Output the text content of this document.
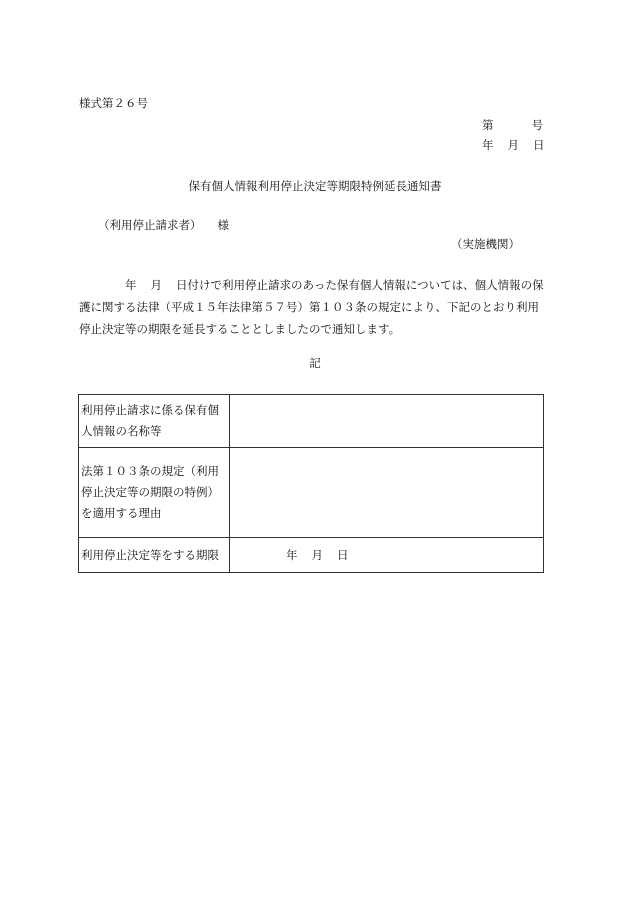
様式第２６号
第	号
年 月 日
保有個人情報利用停止決定等期限特例延長通知書
（利用停止請求者） 様
（実施機関）
年 月 日付けで利用停止請求のあった保有個人情報については、個人情報の保
護に関する法律（平成１５年法律第５７号）第１０３条の規定により、下記のとおり利用
停止決定等の期限を延長することとしましたので通知します。
記
利用停止請求に係る保有個人情報の名称等	
法第１０３条の規定（利用停止決定等の期限の特例）を適用する理由	
利用停止決定等をする期限	年 月 日
